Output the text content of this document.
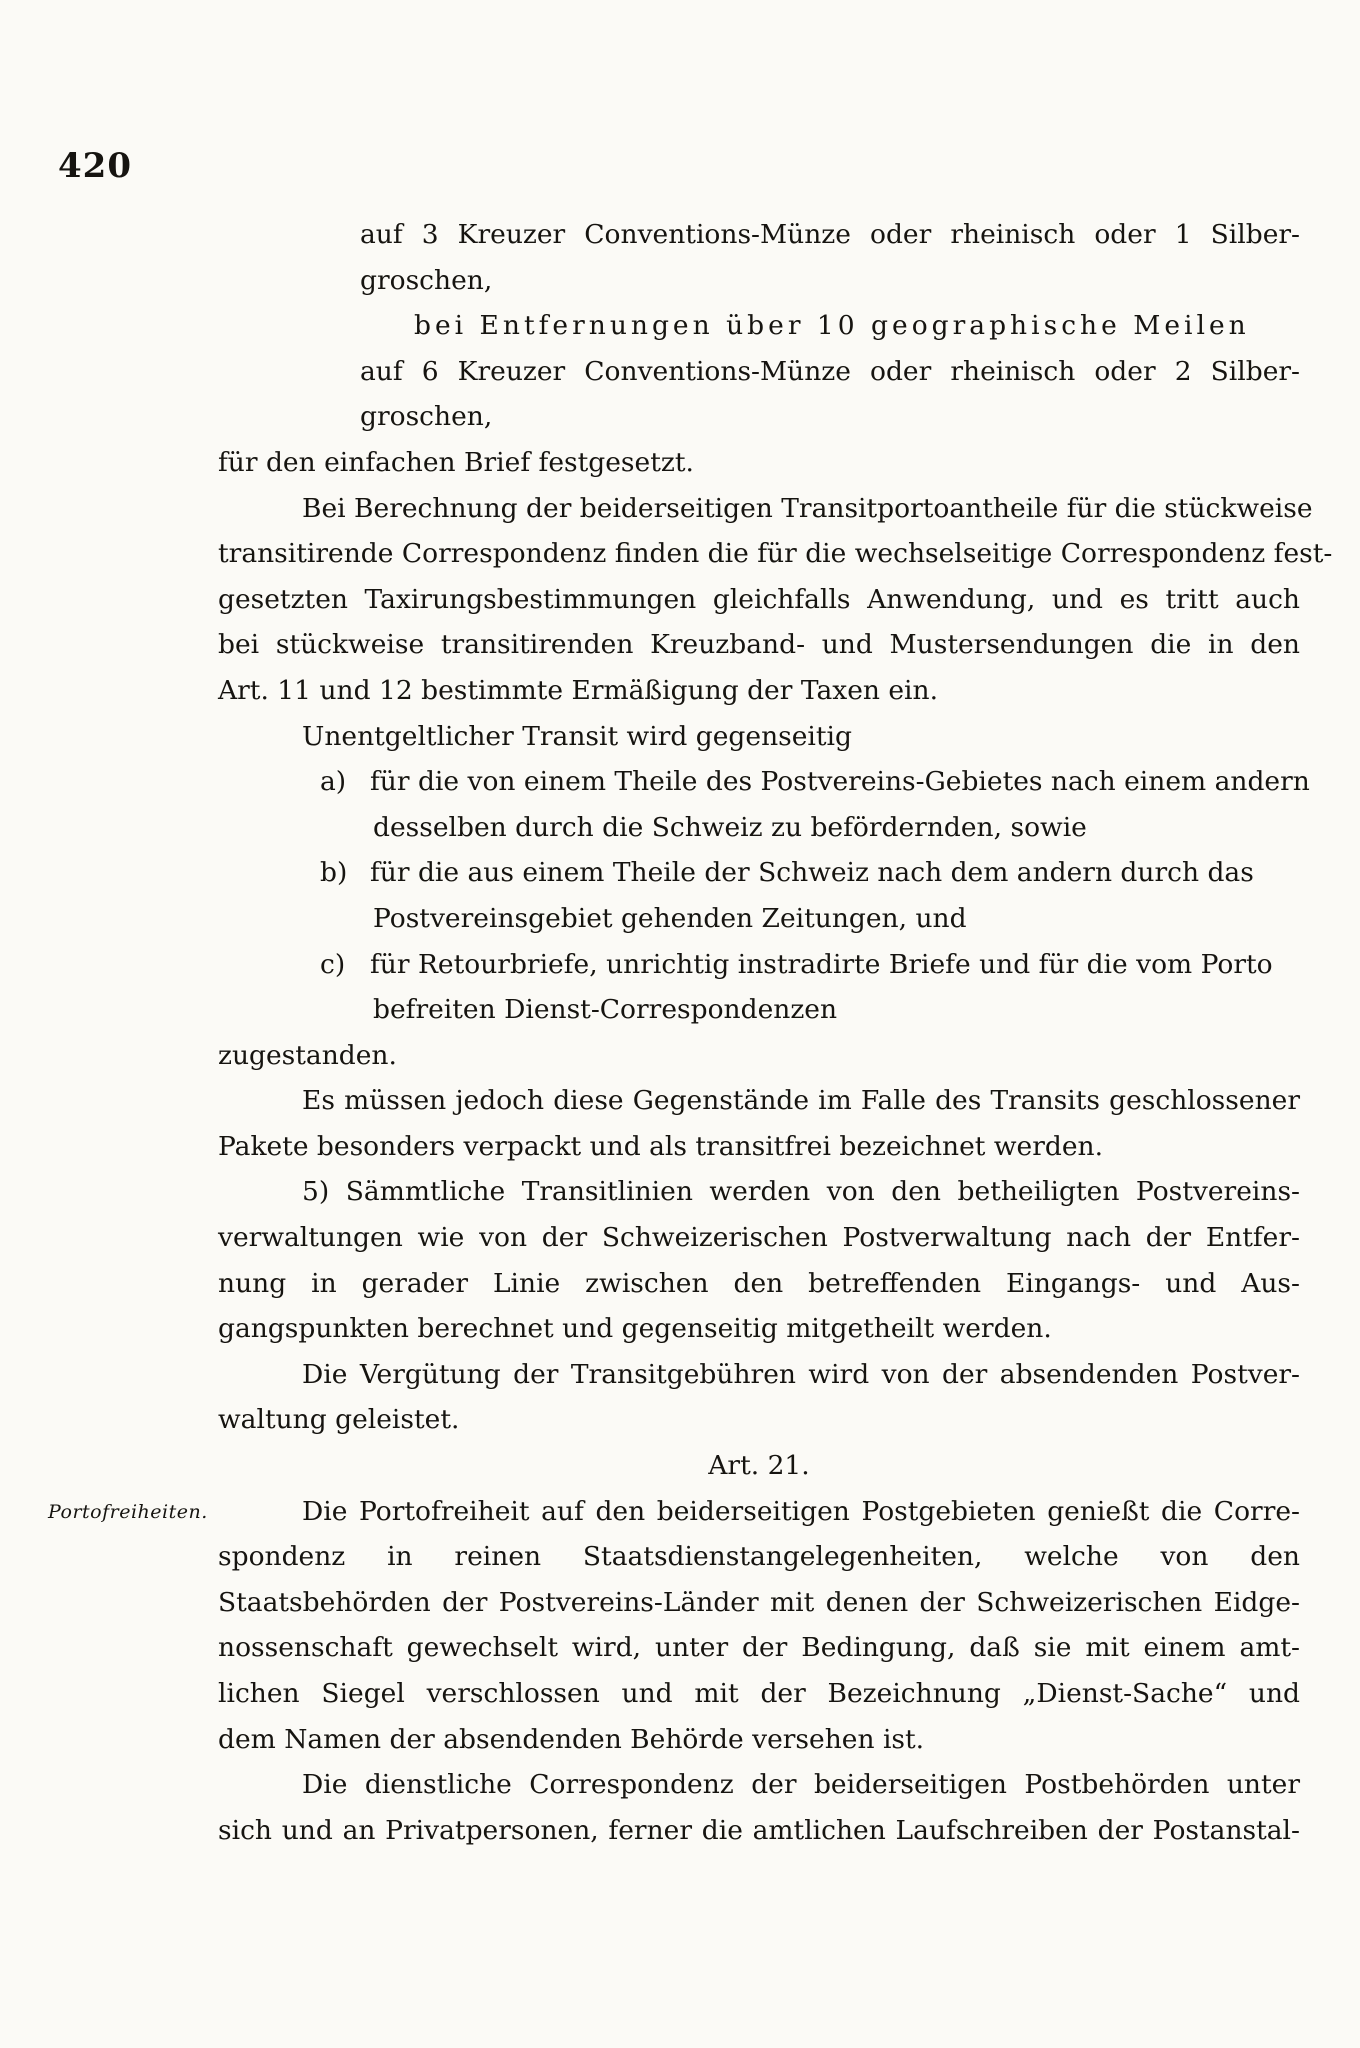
420
Portofreiheiten.
auf 3 Kreuzer Conventions-Münze oder rheinisch oder 1 Silber-
groschen,
bei Entfernungen über 10 geographische Meilen
auf 6 Kreuzer Conventions-Münze oder rheinisch oder 2 Silber-
groschen,
für den einfachen Brief festgesetzt.
Bei Berechnung der beiderseitigen Transitportoantheile für die stückweise
transitirende Correspondenz finden die für die wechselseitige Correspondenz fest-
gesetzten Taxirungsbestimmungen gleichfalls Anwendung, und es tritt auch
bei stückweise transitirenden Kreuzband- und Mustersendungen die in den
Art. 11 und 12 bestimmte Ermäßigung der Taxen ein.
Unentgeltlicher Transit wird gegenseitig
a) für die von einem Theile des Postvereins-Gebietes nach einem andern
desselben durch die Schweiz zu befördernden, sowie
b) für die aus einem Theile der Schweiz nach dem andern durch das
Postvereinsgebiet gehenden Zeitungen, und
c) für Retourbriefe, unrichtig instradirte Briefe und für die vom Porto
befreiten Dienst-Correspondenzen
zugestanden.
Es müssen jedoch diese Gegenstände im Falle des Transits geschlossener
Pakete besonders verpackt und als transitfrei bezeichnet werden.
5) Sämmtliche Transitlinien werden von den betheiligten Postvereins-
verwaltungen wie von der Schweizerischen Postverwaltung nach der Entfer-
nung in gerader Linie zwischen den betreffenden Eingangs- und Aus-
gangspunkten berechnet und gegenseitig mitgetheilt werden.
Die Vergütung der Transitgebühren wird von der absendenden Postver-
waltung geleistet.
Art. 21.
Die Portofreiheit auf den beiderseitigen Postgebieten genießt die Corre-
spondenz in reinen Staatsdienstangelegenheiten, welche von den
Staatsbehörden der Postvereins-Länder mit denen der Schweizerischen Eidge-
nossenschaft gewechselt wird, unter der Bedingung, daß sie mit einem amt-
lichen Siegel verschlossen und mit der Bezeichnung „Dienst-Sache“ und
dem Namen der absendenden Behörde versehen ist.
Die dienstliche Correspondenz der beiderseitigen Postbehörden unter
sich und an Privatpersonen, ferner die amtlichen Laufschreiben der Postanstal-
